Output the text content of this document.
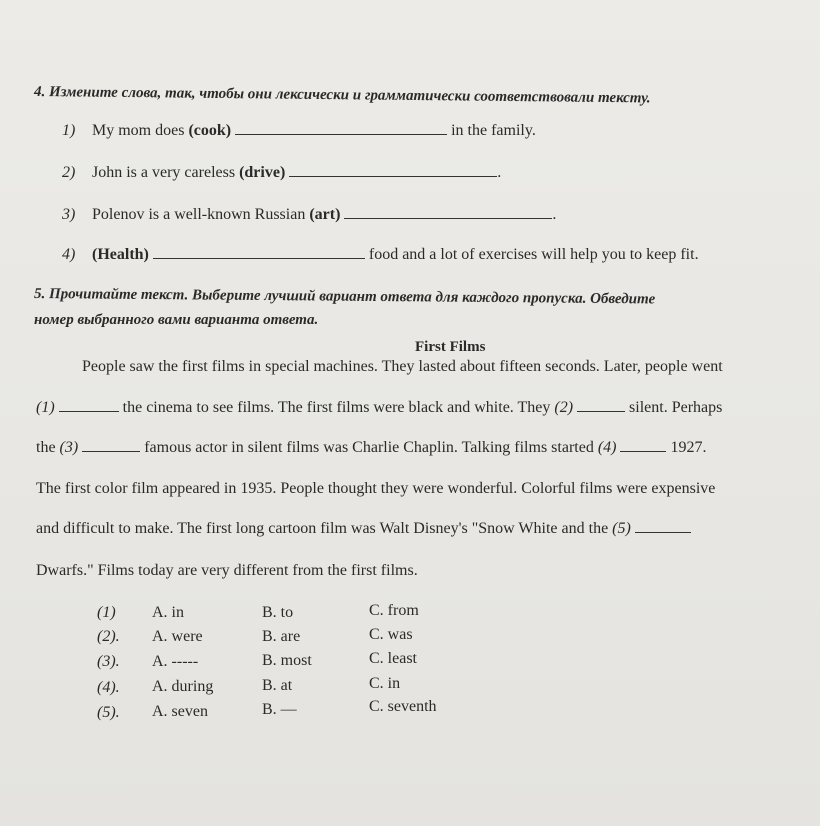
4. Измените слова, так, чтобы они лексически и грамматически соответствовали тексту.
1) My mom does (cook)	in the family.
2) John is a very careless (drive)	.
3) Polenov is a well-known Russian (art)	.
4) (Health)	food and a lot of exercises will help you to keep fit.
5. Прочитайте текст. Выберите лучший вариант ответа для каждого пропуска. Обведите
номер выбранного вами варианта ответа.
First Films
People saw the first films in special machines. They lasted about fifteen seconds. Later, people went
(1)	the cinema to see films. The first films were black and white. They (2)	silent. Perhaps
the (3)	famous actor in silent films was Charlie Chaplin. Talking films started (4)	1927.
The first color film appeared in 1935. People thought they were wonderful. Colorful films were expensive
and difficult to make. The first long cartoon film was Walt Disney's "Snow White and the (5)
Dwarfs." Films today are very different from the first films.
(1) A. in	B. to	C. from
(2). A. were	B. are	C. was
(3). A. -----	B. most	C. least
(4). A. during	B. at	C. in
(5). A. seven	B. —	C. seventh
